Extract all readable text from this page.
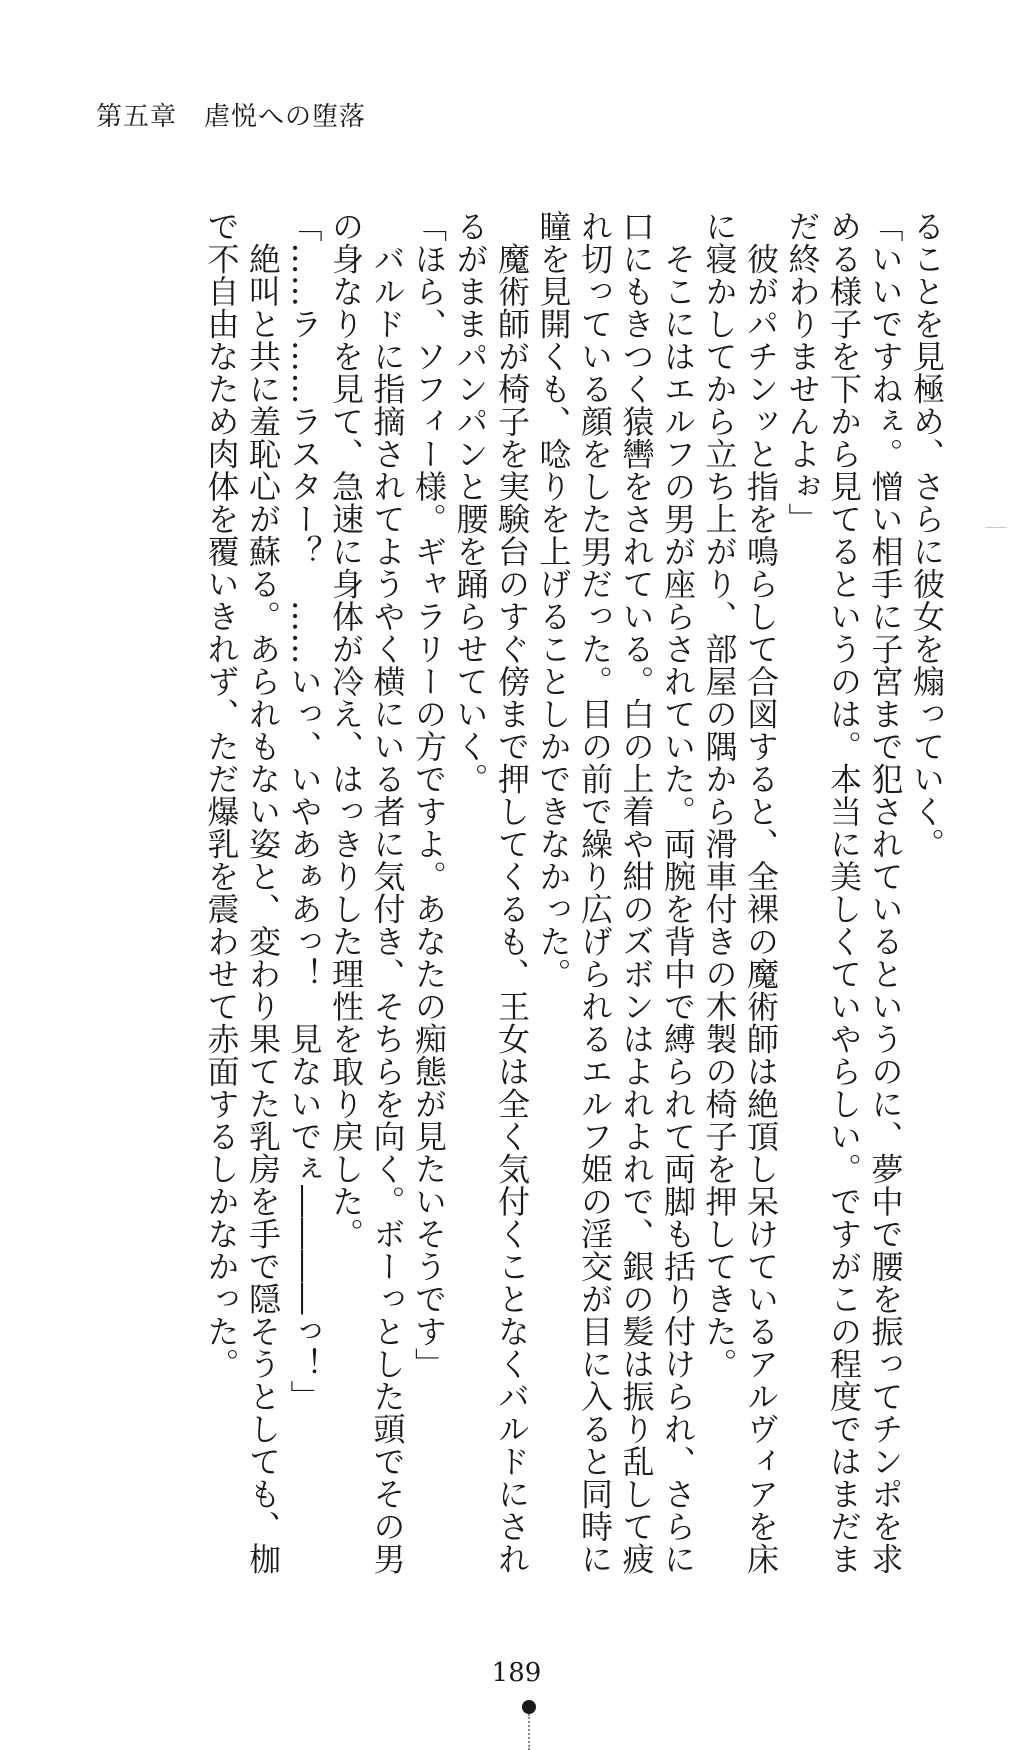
第五章　虐悦への堕落

ることを見極め、さらに彼女を煽っていく。

「いいですねぇ。憎い相手に子宮まで犯されているというのに、夢中で腰を振ってチンポを求める様子を下から見てるというのは。本当に美しくていやらしい。ですがこの程度ではまだまだ終わりませんよぉ」

　彼がパチンッと指を鳴らして合図すると、全裸の魔術師は絶頂し呆けているアルヴィアを床に寝かしてから立ち上がり、部屋の隅から滑車付きの木製の椅子を押してきた。

　そこにはエルフの男が座らされていた。両腕を背中で縛られて両脚も括り付けられ、さらに口にもきつく猿轡をされている。白の上着や紺のズボンはよれよれで、銀の髪は振り乱して疲れ切っている顔をした男だった。目の前で繰り広げられるエルフ姫の淫交が目に入ると同時に瞳を見開くも、唸りを上げることしかできなかった。

　魔術師が椅子を実験台のすぐ傍まで押してくるも、王女は全く気付くことなくバルドにされるがままパンパンと腰を踊らせていく。

「ほら、ソフィー様。ギャラリーの方ですよ。あなたの痴態が見たいそうです」

　バルドに指摘されてようやく横にいる者に気付き、そちらを向く。ボーっとした頭でその男の身なりを見て、急速に身体が冷え、はっきりした理性を取り戻した。

「……ラ……ラスター？　……いっ、いやあぁあっ！　見ないでぇ――――っ！」

　絶叫と共に羞恥心が蘇る。あられもない姿と、変わり果てた乳房を手で隠そうとしても、枷で不自由なため肉体を覆いきれず、ただ爆乳を震わせて赤面するしかなかった。

189
